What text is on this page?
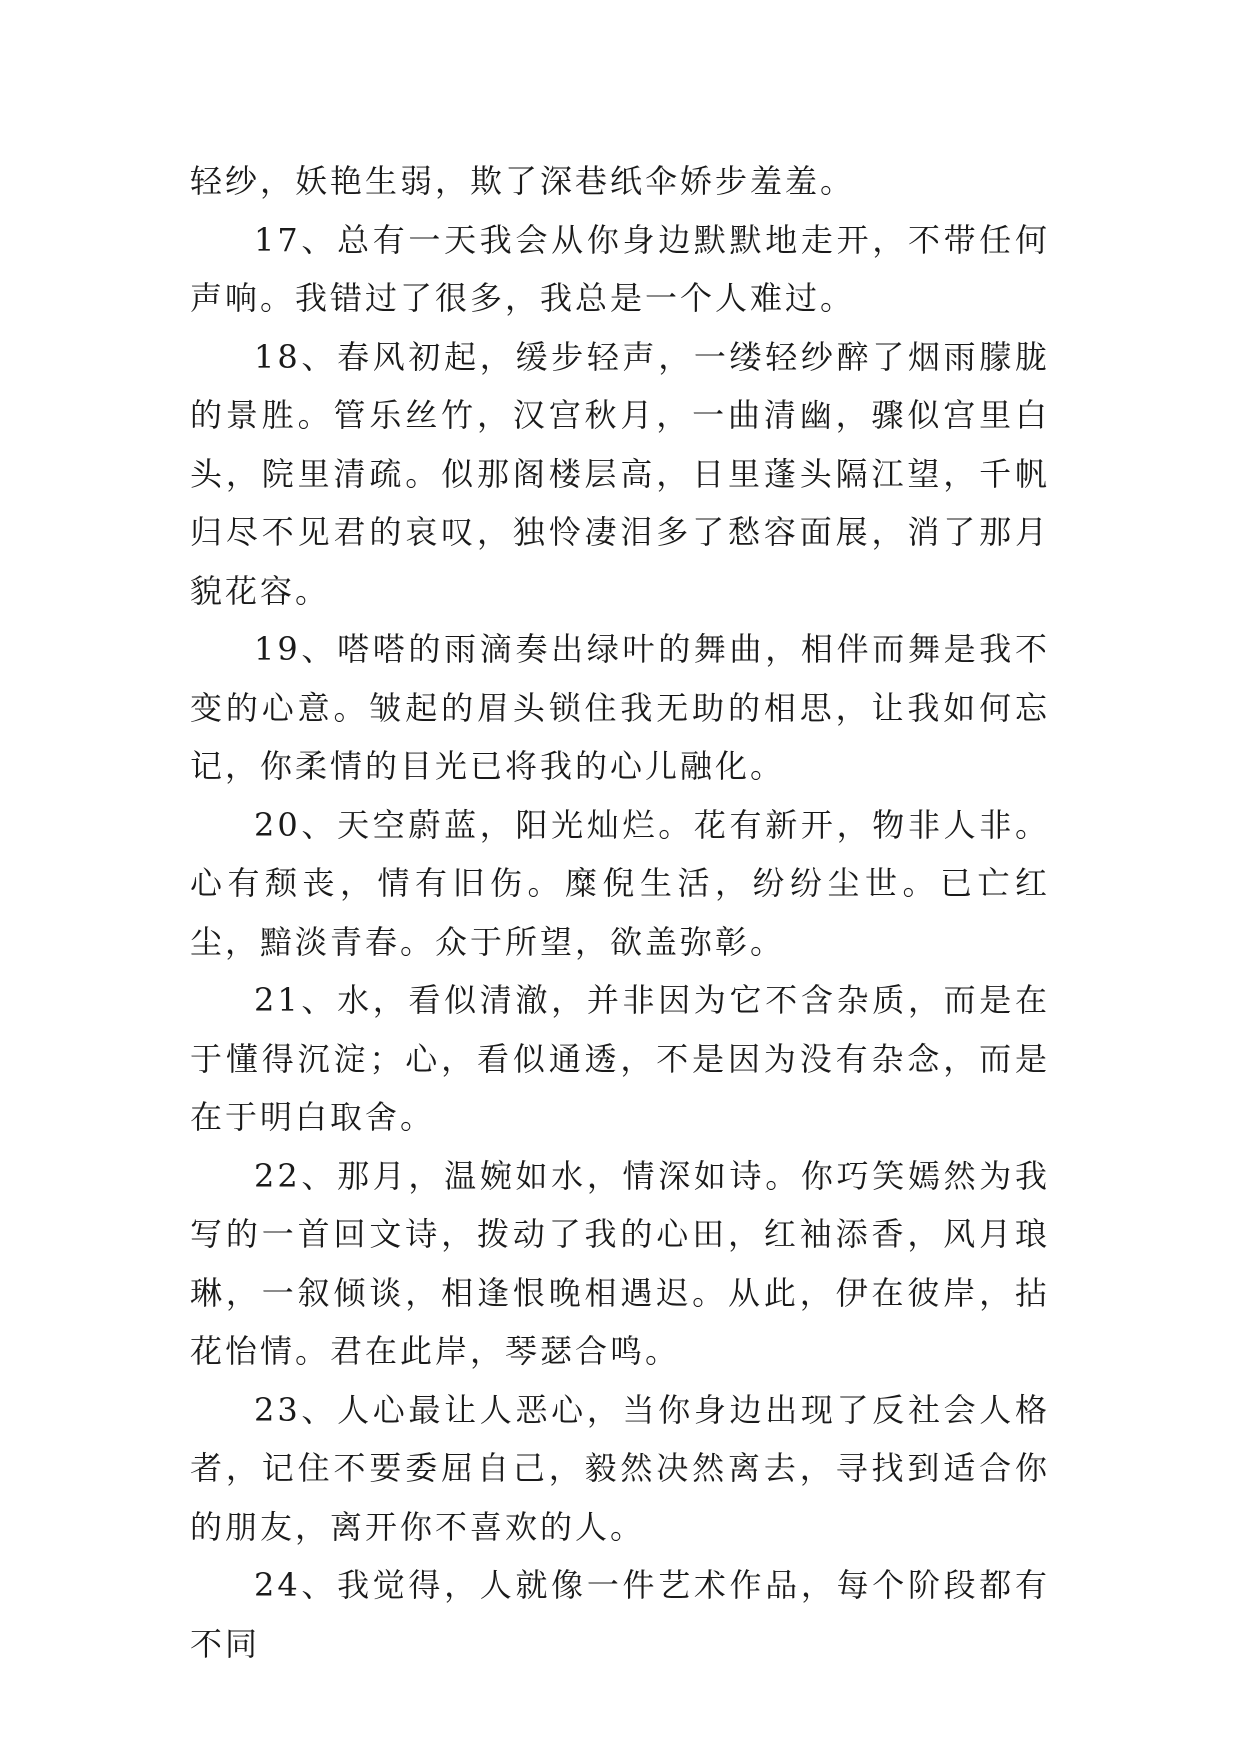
轻纱，妖艳生弱，欺了深巷纸伞娇步羞羞。

17、总有一天我会从你身边默默地走开，不带任何声响。我错过了很多，我总是一个人难过。

18、春风初起，缓步轻声，一缕轻纱醉了烟雨朦胧的景胜。管乐丝竹，汉宫秋月，一曲清幽，骤似宫里白头，院里清疏。似那阁楼层高，日里蓬头隔江望，千帆归尽不见君的哀叹，独怜凄泪多了愁容面展，消了那月貌花容。

19、嗒嗒的雨滴奏出绿叶的舞曲，相伴而舞是我不变的心意。皱起的眉头锁住我无助的相思，让我如何忘记，你柔情的目光已将我的心儿融化。

20、天空蔚蓝，阳光灿烂。花有新开，物非人非。心有颓丧，情有旧伤。糜倪生活，纷纷尘世。已亡红尘，黯淡青春。众于所望，欲盖弥彰。

21、水，看似清澈，并非因为它不含杂质，而是在于懂得沉淀；心，看似通透，不是因为没有杂念，而是在于明白取舍。

22、那月，温婉如水，情深如诗。你巧笑嫣然为我写的一首回文诗，拨动了我的心田，红袖添香，风月琅琳，一叙倾谈，相逢恨晚相遇迟。从此，伊在彼岸，拈花怡情。君在此岸，琴瑟合鸣。

23、人心最让人恶心，当你身边出现了反社会人格者，记住不要委屈自己，毅然决然离去，寻找到适合你的朋友，离开你不喜欢的人。

24、我觉得，人就像一件艺术作品，每个阶段都有不同
